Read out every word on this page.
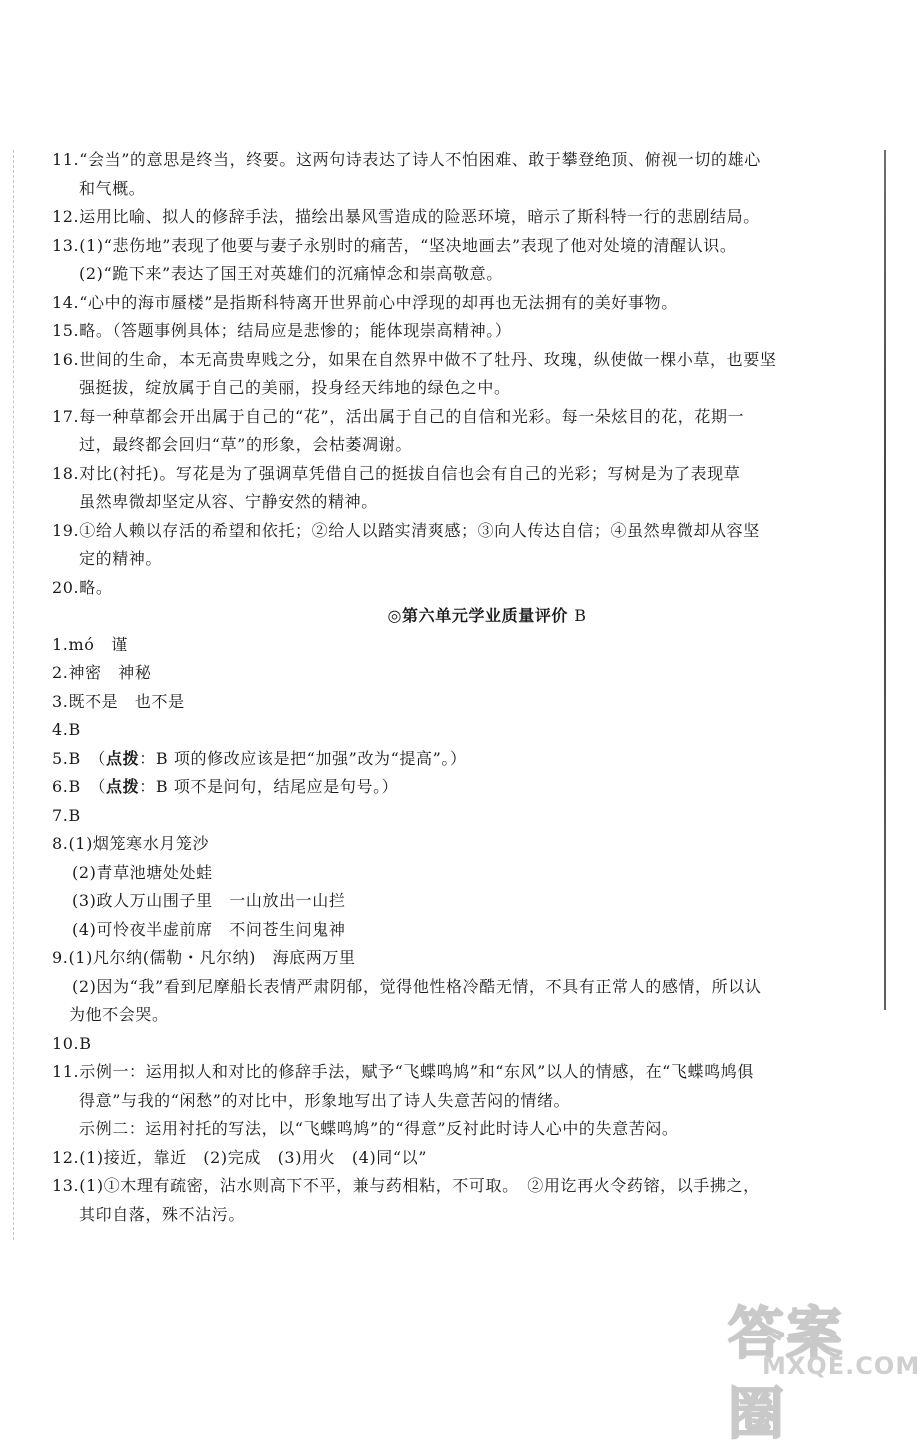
11.“会当”的意思是终当，终要。这两句诗表达了诗人不怕困难、敢于攀登绝顶、俯视一切的雄心
和气概。
12.运用比喻、拟人的修辞手法，描绘出暴风雪造成的险恶环境，暗示了斯科特一行的悲剧结局。
13.(1)“悲伤地”表现了他要与妻子永别时的痛苦，“坚决地画去”表现了他对处境的清醒认识。
(2)“跪下来”表达了国王对英雄们的沉痛悼念和崇高敬意。
14.“心中的海市蜃楼”是指斯科特离开世界前心中浮现的却再也无法拥有的美好事物。
15.略。（答题事例具体；结局应是悲惨的；能体现崇高精神。）
16.世间的生命，本无高贵卑贱之分，如果在自然界中做不了牡丹、玫瑰，纵使做一棵小草，也要坚
强挺拔，绽放属于自己的美丽，投身经天纬地的绿色之中。
17.每一种草都会开出属于自己的“花”，活出属于自己的自信和光彩。每一朵炫目的花，花期一
过，最终都会回归“草”的形象，会枯萎凋谢。
18.对比(衬托)。写花是为了强调草凭借自己的挺拔自信也会有自己的光彩；写树是为了表现草
虽然卑微却坚定从容、宁静安然的精神。
19.①给人赖以存活的希望和依托；②给人以踏实清爽感；③向人传达自信；④虽然卑微却从容坚
定的精神。
20.略。
◎第六单元学业质量评价 B
1.mó　谨
2.神密　神秘
3.既不是　也不是
4.B
5.B　（点拨：B 项的修改应该是把“加强”改为“提高”。）
6.B　（点拨：B 项不是问句，结尾应是句号。）
7.B
8.(1)烟笼寒水月笼沙
(2)青草池塘处处蛙
(3)政人万山围子里　一山放出一山拦
(4)可怜夜半虚前席　不问苍生问鬼神
9.(1)凡尔纳(儒勒・凡尔纳)　海底两万里
(2)因为“我”看到尼摩船长表情严肃阴郁，觉得他性格冷酷无情，不具有正常人的感情，所以认
为他不会哭。
10.B
11.示例一：运用拟人和对比的修辞手法，赋予“飞蝶鸣鸠”和“东风”以人的情感，在“飞蝶鸣鸠俱
得意”与我的“闲愁”的对比中，形象地写出了诗人失意苦闷的情绪。
示例二：运用衬托的写法，以“飞蝶鸣鸠”的“得意”反衬此时诗人心中的失意苦闷。
12.(1)接近，靠近　(2)完成　(3)用火　(4)同“以”
13.(1)①木理有疏密，沾水则高下不平，兼与药相粘，不可取。　②用讫再火令药镕，以手拂之，
其印自落，殊不沾污。
答案圈
MXQE.COM
